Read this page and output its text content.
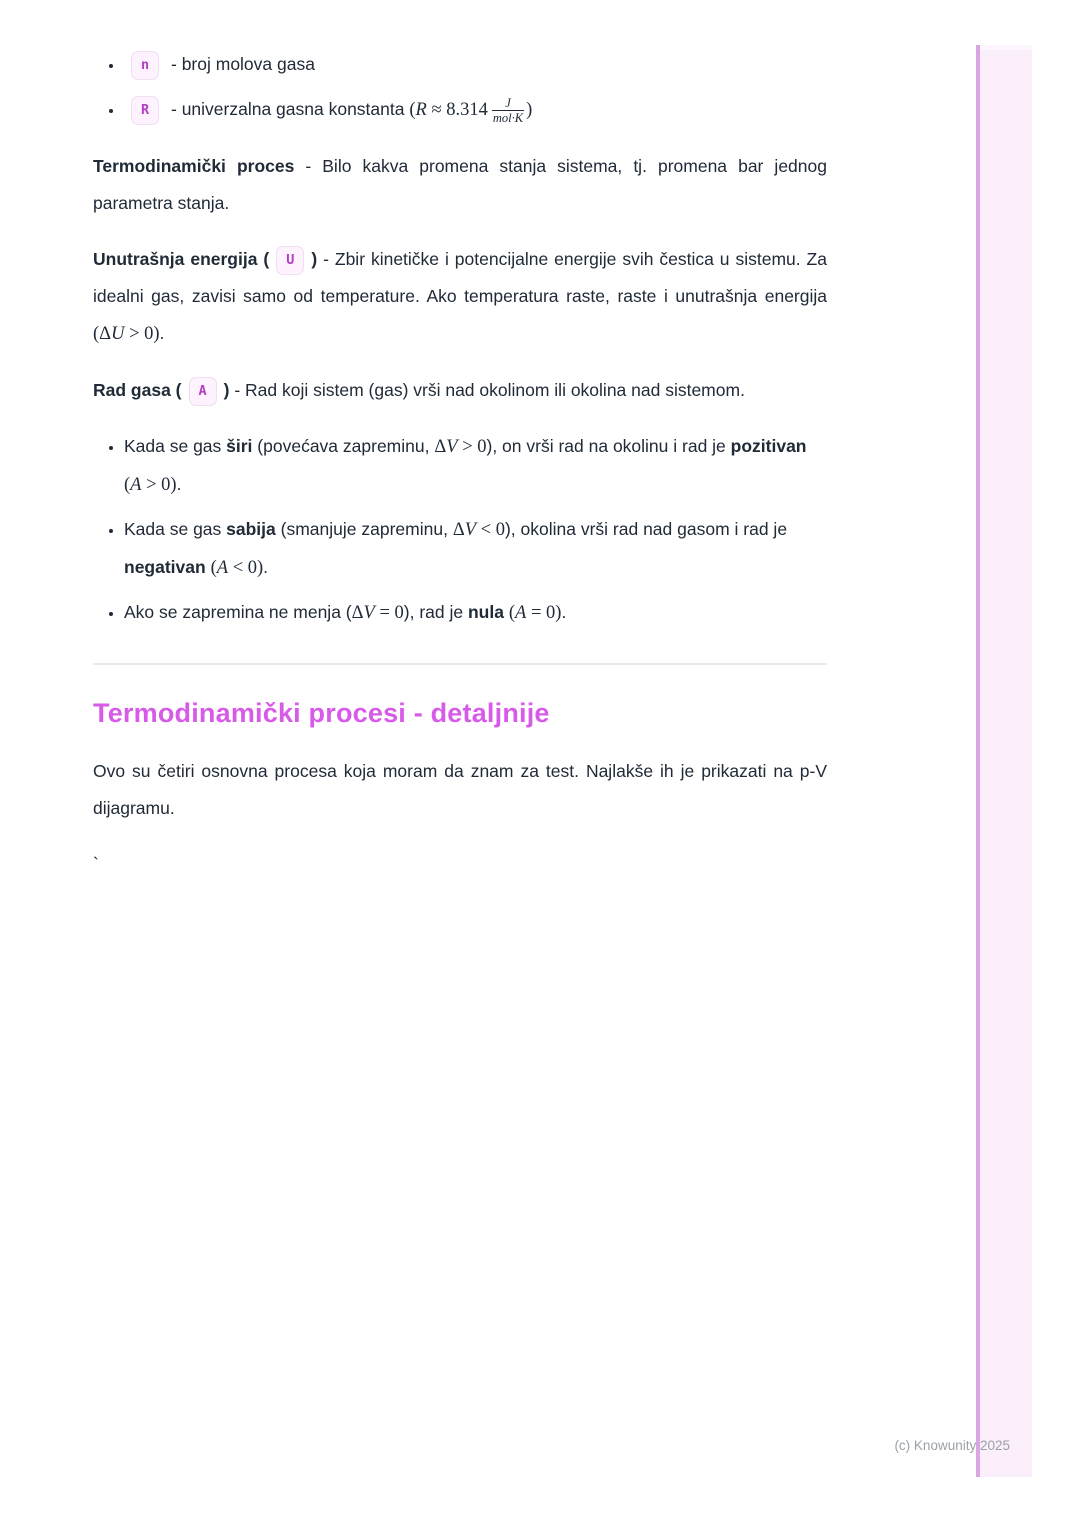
• n - broj molova gasa
• R - univerzalna gasna konstanta ($R \approx 8.314 \frac{J}{\text{mol·K}}$ )

Termodinamički proces - Bilo kakva promena stanja sistema, tj. promena bar jednog parametra stanja.

Unutrašnja energija ( U ) - Zbir kinetičke i potencijalne energije svih čestica u sistemu. Za idealni gas, zavisi samo od temperature. Ako temperatura raste, raste i unutrašnja energija (ΔU > 0).

Rad gasa ( A ) - Rad koji sistem (gas) vrši nad okolinom ili okolina nad sistemom.

• Kada se gas širi (povećava zapreminu, ΔV > 0), on vrši rad na okolinu i rad je pozitivan (A > 0).
• Kada se gas sabija (smanjuje zapreminu, ΔV < 0), okolina vrši rad nad gasom i rad je negativan (A < 0).
• Ako se zapremina ne menja (ΔV = 0), rad je nula (A = 0).
Termodinamički procesi - detaljnije

Ovo su četiri osnovna procesa koja moram da znam za test. Najlakše ih je prikazati na p-V dijagramu.

`

(c) Knowunity 2025
